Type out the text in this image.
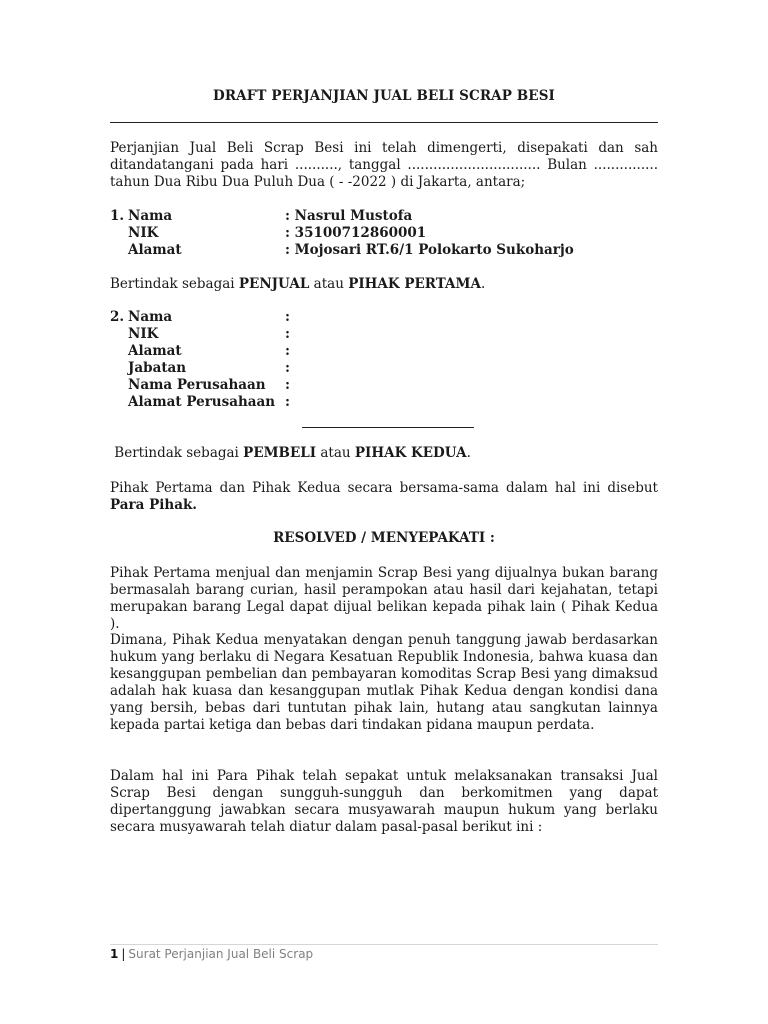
DRAFT PERJANJIAN JUAL BELI SCRAP BESI
Perjanjian Jual Beli Scrap Besi ini telah dimengerti, disepakati dan sah ditandatangani pada hari .........., tanggal ............................... Bulan ............... tahun Dua Ribu Dua Puluh Dua ( - -2022 ) di Jakarta, antara;
1. Nama	: Nasrul Mustofa
NIK	: 35100712860001
Alamat	: Mojosari RT.6/1 Polokarto Sukoharjo
Bertindak sebagai PENJUAL atau PIHAK PERTAMA.
2. Nama	:
NIK	:
Alamat	:
Jabatan	:
Nama Perusahaan	:
Alamat Perusahaan :
Bertindak sebagai PEMBELI atau PIHAK KEDUA.
Pihak Pertama dan Pihak Kedua secara bersama-sama dalam hal ini disebut Para Pihak.
RESOLVED / MENYEPAKATI :
Pihak Pertama menjual dan menjamin Scrap Besi yang dijualnya bukan barang bermasalah barang curian, hasil perampokan atau hasil dari kejahatan, tetapi merupakan barang Legal dapat dijual belikan kepada pihak lain ( Pihak Kedua ).
Dimana, Pihak Kedua menyatakan dengan penuh tanggung jawab berdasarkan hukum yang berlaku di Negara Kesatuan Republik Indonesia, bahwa kuasa dan kesanggupan pembelian dan pembayaran komoditas Scrap Besi yang dimaksud adalah hak kuasa dan kesanggupan mutlak Pihak Kedua dengan kondisi dana yang bersih, bebas dari tuntutan pihak lain, hutang atau sangkutan lainnya kepada partai ketiga dan bebas dari tindakan pidana maupun perdata.
Dalam hal ini Para Pihak telah sepakat untuk melaksanakan transaksi Jual Scrap Besi dengan sungguh-sungguh dan berkomitmen yang dapat dipertanggung jawabkan secara musyawarah maupun hukum yang berlaku secara musyawarah telah diatur dalam pasal-pasal berikut ini :
1 | Surat Perjanjian Jual Beli Scrap
